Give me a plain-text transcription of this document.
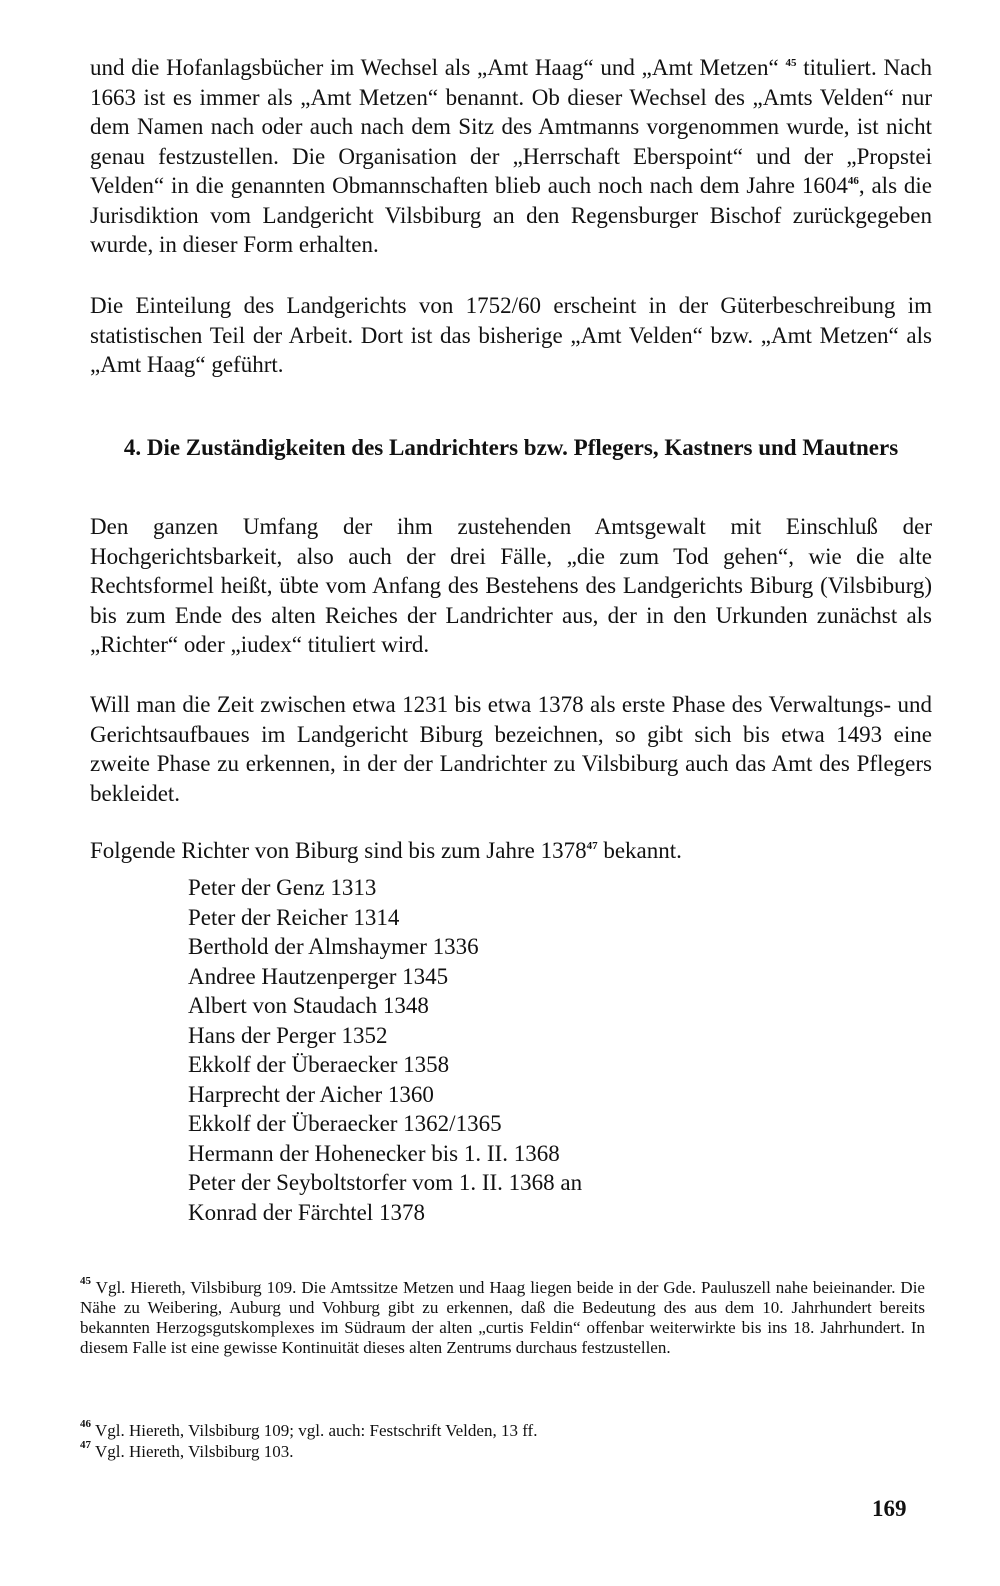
und die Hofanlagsbücher im Wechsel als „Amt Haag“ und „Amt Metzen“ $^{45}$ tituliert. Nach 1663 ist es immer als „Amt Metzen“ benannt. Ob dieser Wechsel des „Amts Velden“ nur dem Namen nach oder auch nach dem Sitz des Amtmanns vorgenommen wurde, ist nicht genau festzustellen. Die Organisation der „Herrschaft Eberspoint“ und der „Propstei Velden“ in die genannten Obmannschaften blieb auch noch nach dem Jahre 1604$^{46}$, als die Jurisdiktion vom Landgericht Vilsbiburg an den Regensburger Bischof zurückgegeben wurde, in dieser Form erhalten.

Die Einteilung des Landgerichts von 1752/60 erscheint in der Güterbeschreibung im statistischen Teil der Arbeit. Dort ist das bisherige „Amt Velden“ bzw. „Amt Metzen“ als „Amt Haag“ geführt.

4. Die Zuständigkeiten des Landrichters bzw. Pflegers, Kastners und Mautners

Den ganzen Umfang der ihm zustehenden Amtsgewalt mit Einschluß der Hochgerichtsbarkeit, also auch der drei Fälle, „die zum Tod gehen“, wie die alte Rechtsformel heißt, übte vom Anfang des Bestehens des Landgerichts Biburg (Vilsbiburg) bis zum Ende des alten Reiches der Landrichter aus, der in den Urkunden zunächst als „Richter“ oder „iudex“ tituliert wird.

Will man die Zeit zwischen etwa 1231 bis etwa 1378 als erste Phase des Verwaltungs- und Gerichtsaufbaues im Landgericht Biburg bezeichnen, so gibt sich bis etwa 1493 eine zweite Phase zu erkennen, in der der Landrichter zu Vilsbiburg auch das Amt des Pflegers bekleidet.

Folgende Richter von Biburg sind bis zum Jahre 1378$^{47}$ bekannt.

Peter der Genz 1313
Peter der Reicher 1314
Berthold der Almshaymer 1336
Andree Hautzenperger 1345
Albert von Staudach 1348
Hans der Perger 1352
Ekkolf der Überaecker 1358
Harprecht der Aicher 1360
Ekkolf der Überaecker 1362/1365
Hermann der Hohenecker bis 1. II. 1368
Peter der Seyboltstorfer vom 1. II. 1368 an
Konrad der Färchtel 1378

$^{45}$ Vgl. Hiereth, Vilsbiburg 109. Die Amtssitze Metzen und Haag liegen beide in der Gde. Pauluszell nahe beieinander. Die Nähe zu Weibering, Auburg und Vohburg gibt zu erkennen, daß die Bedeutung des aus dem 10. Jahrhundert bereits bekannten Herzogsgutskomplexes im Südraum der alten „curtis Feldin“ offenbar weiterwirkte bis ins 18. Jahrhundert. In diesem Falle ist eine gewisse Kontinuität dieses alten Zentrums durchaus festzustellen.

$^{46}$ Vgl. Hiereth, Vilsbiburg 109; vgl. auch: Festschrift Velden, 13 ff.

$^{47}$ Vgl. Hiereth, Vilsbiburg 103.

169
